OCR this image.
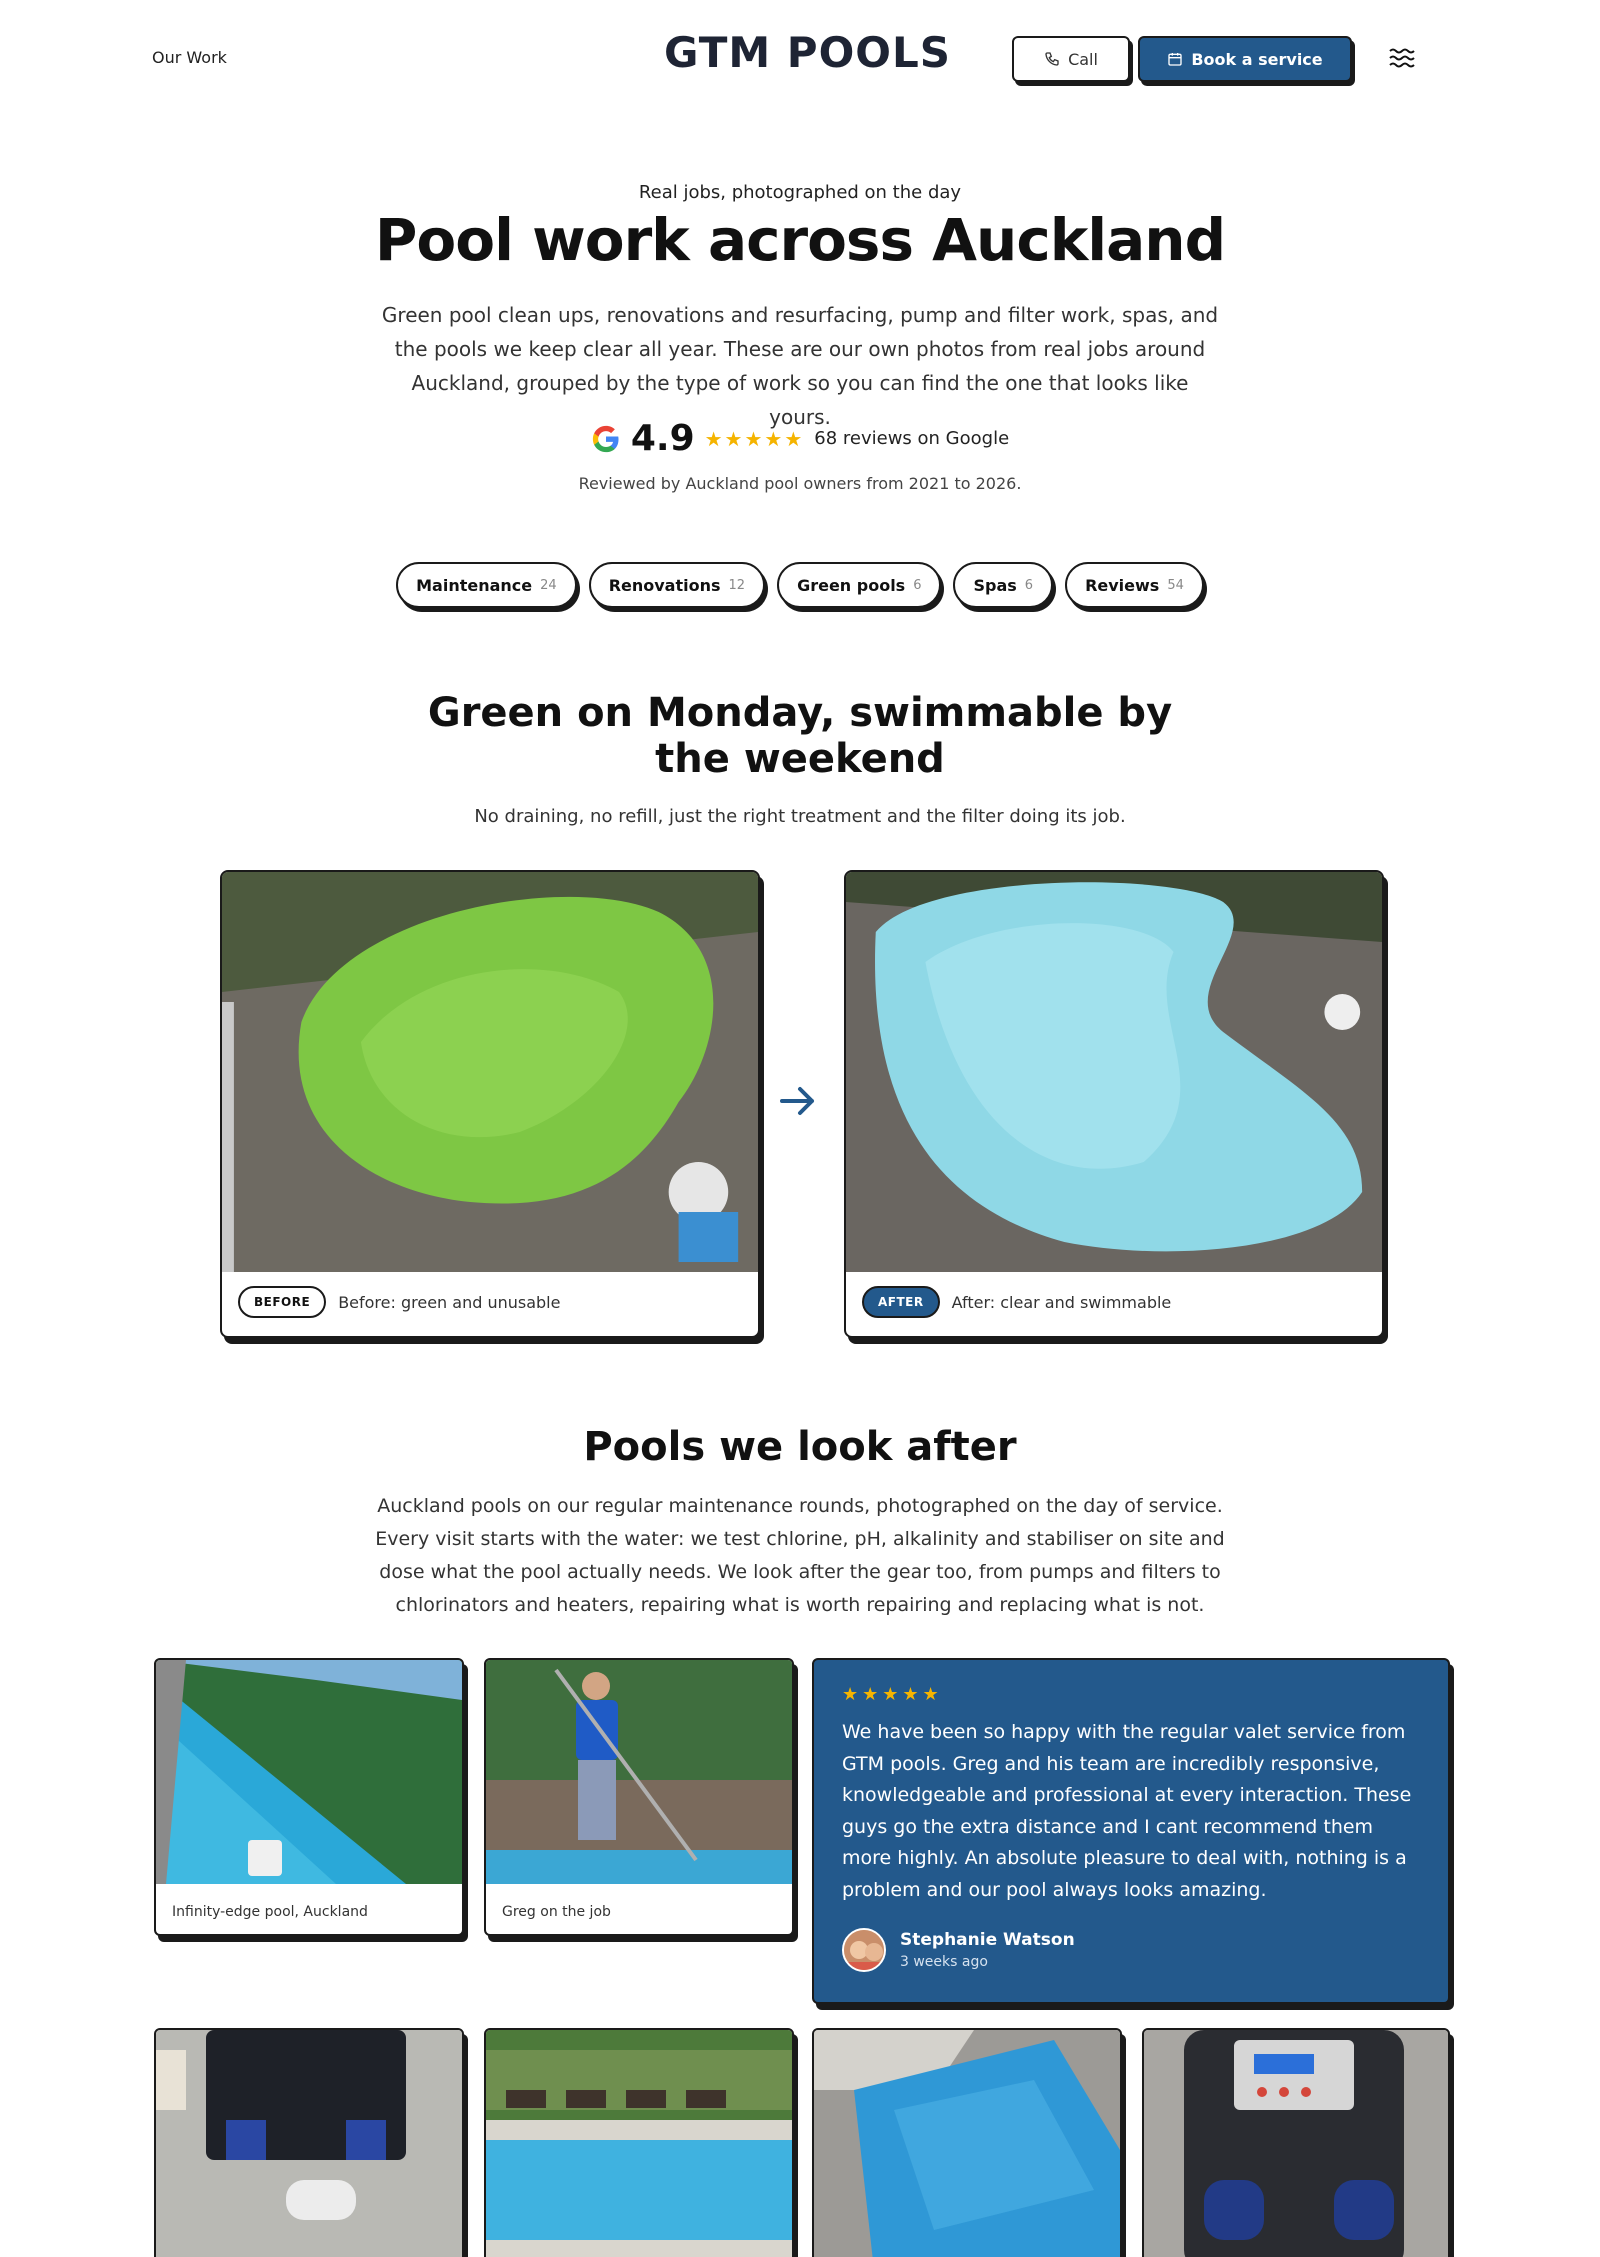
Our Work	GTM POOLS	Call	Book a service
Real jobs, photographed on the day
Pool work across Auckland

Green pool clean ups, renovations and resurfacing, pump and filter work, spas, and the pools we keep clear all year. These are our own photos from real jobs around Auckland, grouped by the type of work so you can find the one that looks like yours.

4.9 ★★★★★ 68 reviews on Google
Reviewed by Auckland pool owners from 2021 to 2026.
Maintenance 24	Renovations 12	Green pools 6	Spas 6	Reviews 54
Green on Monday, swimmable by the weekend

No draining, no refill, just the right treatment and the filter doing its job.

BEFORE	Before: green and unusable	AFTER	After: clear and swimmable
Pools we look after

Auckland pools on our regular maintenance rounds, photographed on the day of service. Every visit starts with the water: we test chlorine, pH, alkalinity and stabiliser on site and dose what the pool actually needs. We look after the gear too, from pumps and filters to chlorinators and heaters, repairing what is worth repairing and replacing what is not.

Infinity-edge pool, Auckland	Greg on the job
★★★★★

We have been so happy with the regular valet service from GTM pools. Greg and his team are incredibly responsive, knowledgeable and professional at every interaction. These guys go the extra distance and I cant recommend them more highly. An absolute pleasure to deal with, nothing is a problem and our pool always looks amazing.

Stephanie Watson
3 weeks ago
